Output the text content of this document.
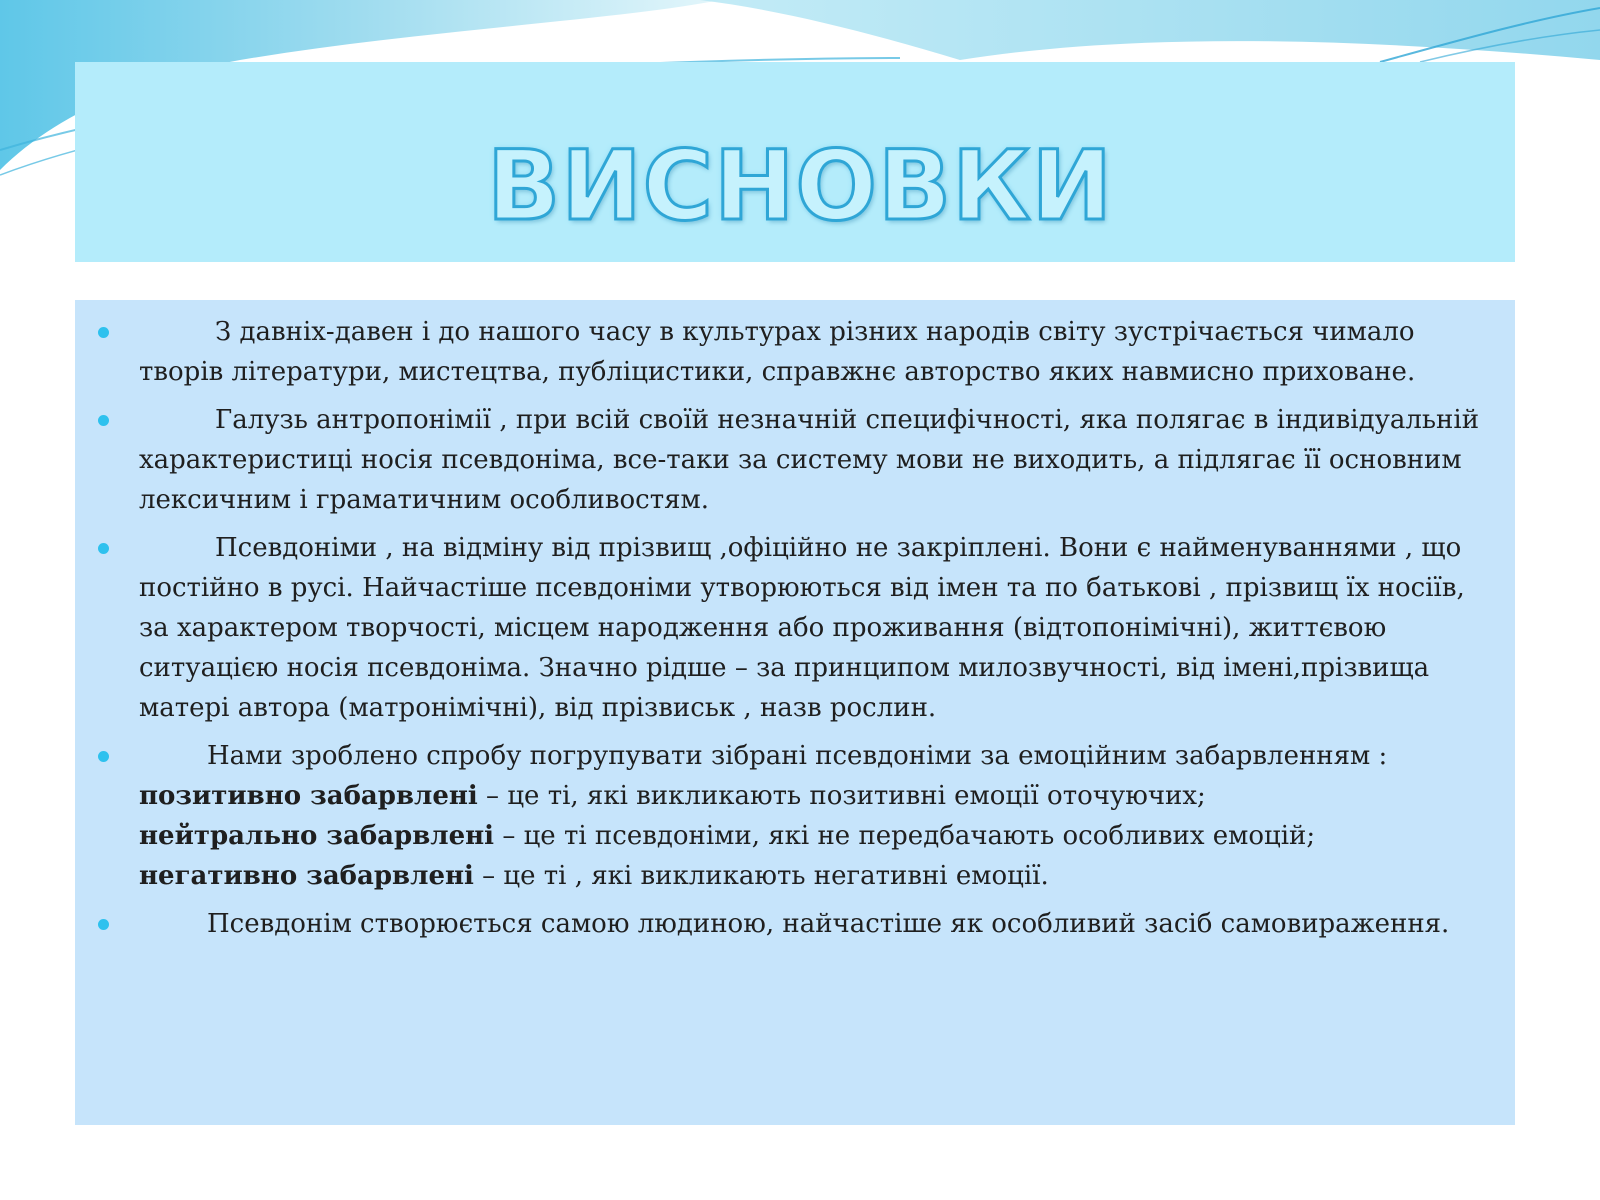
ВИСНОВКИ
З давніх-давен і до нашого часу в культурах різних народів світу зустрічається чимало творів літератури, мистецтва, публіцистики, справжнє авторство яких навмисно приховане.
Галузь антропонімії , при всій своїй незначній специфічності, яка полягає в індивідуальній характеристиці носія псевдоніма, все-таки за систему мови не виходить, а підлягає її основним лексичним і граматичним особливостям.
Псевдоніми , на відміну від прізвищ ,офіційно не закріплені. Вони є найменуваннями , що постійно в русі. Найчастіше псевдоніми утворюються від імен та по батькові , прізвищ їх носіїв, за характером творчості, місцем народження або проживання (відтопонімічні), життєвою ситуацією носія псевдоніма. Значно рідше – за принципом милозвучності, від імені,прізвища матері автора (матронімічні), від прізвиськ , назв рослин.
Нами зроблено спробу погрупувати зібрані псевдоніми за емоційним забарвленням :
позитивно забарвлені – це ті, які викликають позитивні емоції оточуючих;
нейтрально забарвлені – це ті псевдоніми, які не передбачають особливих емоцій;
негативно забарвлені – це ті , які викликають негативні емоції.
Псевдонім створюється самою людиною, найчастіше як особливий засіб самовираження.
